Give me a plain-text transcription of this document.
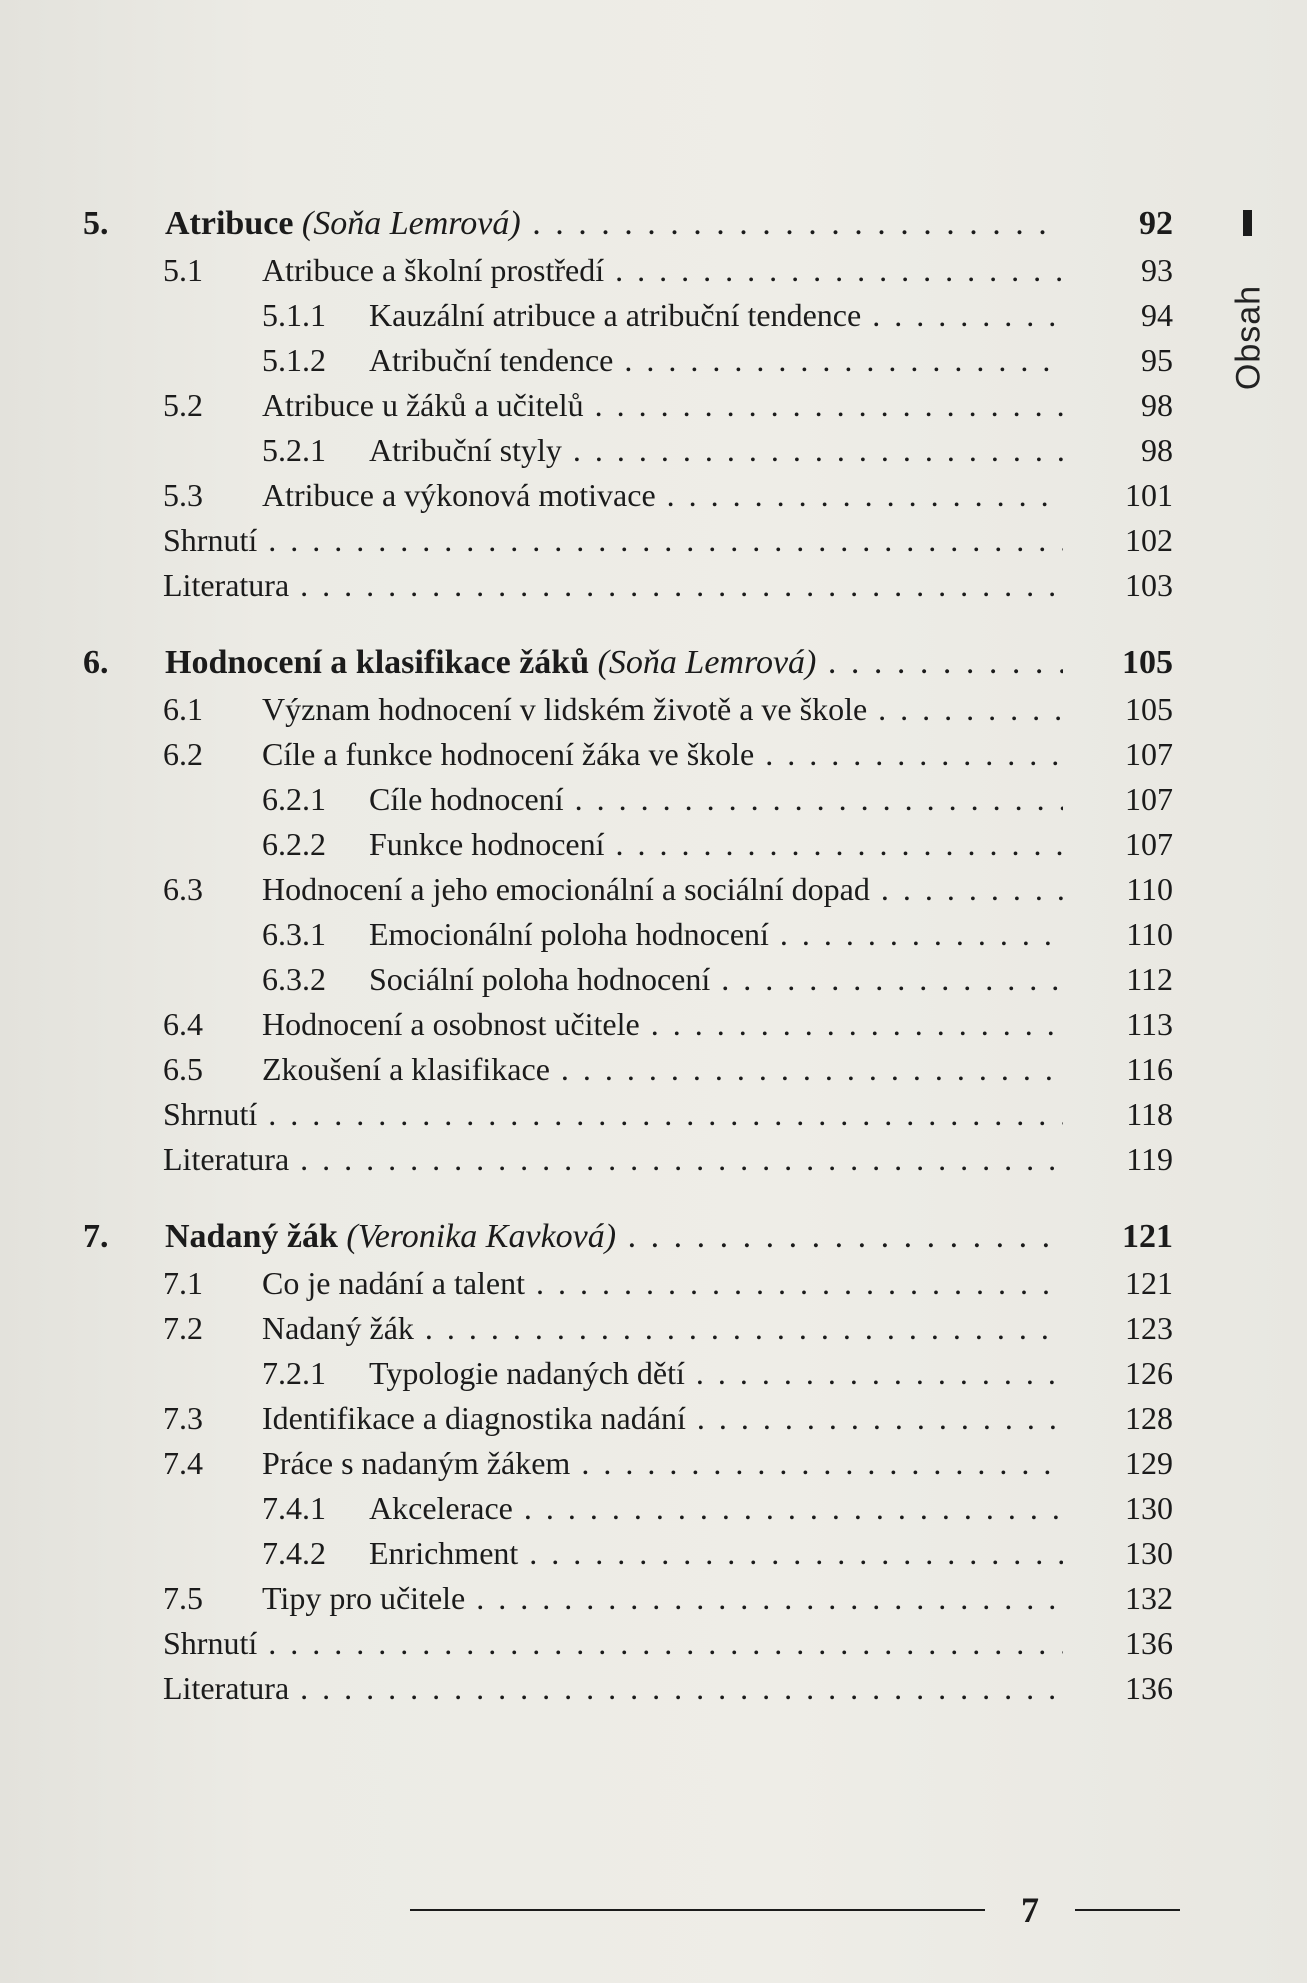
Obsah
5. Atribuce (Soňa Lemrová) . . .	92
5.1 Atribuce a školní prostředí . . .	93
5.1.1 Kauzální atribuce a atribuční tendence . . .	94
5.1.2 Atribuční tendence . . .	95
5.2 Atribuce u žáků a učitelů . . .	98
5.2.1 Atribuční styly . . .	98
5.3 Atribuce a výkonová motivace . . .	101
Shrnutí . . .	102
Literatura . . .	103
6. Hodnocení a klasifikace žáků (Soňa Lemrová) . . .	105
6.1 Význam hodnocení v lidském životě a ve škole . . .	105
6.2 Cíle a funkce hodnocení žáka ve škole . . .	107
6.2.1 Cíle hodnocení . . .	107
6.2.2 Funkce hodnocení . . .	107
6.3 Hodnocení a jeho emocionální a sociální dopad . . .	110
6.3.1 Emocionální poloha hodnocení . . .	110
6.3.2 Sociální poloha hodnocení . . .	112
6.4 Hodnocení a osobnost učitele . . .	113
6.5 Zkoušení a klasifikace . . .	116
Shrnutí . . .	118
Literatura . . .	119
7. Nadaný žák (Veronika Kavková) . . .	121
7.1 Co je nadání a talent . . .	121
7.2 Nadaný žák . . .	123
7.2.1 Typologie nadaných dětí . . .	126
7.3 Identifikace a diagnostika nadání . . .	128
7.4 Práce s nadaným žákem . . .	129
7.4.1 Akcelerace . . .	130
7.4.2 Enrichment . . .	130
7.5 Tipy pro učitele . . .	132
Shrnutí . . .	136
Literatura . . .	136
7
